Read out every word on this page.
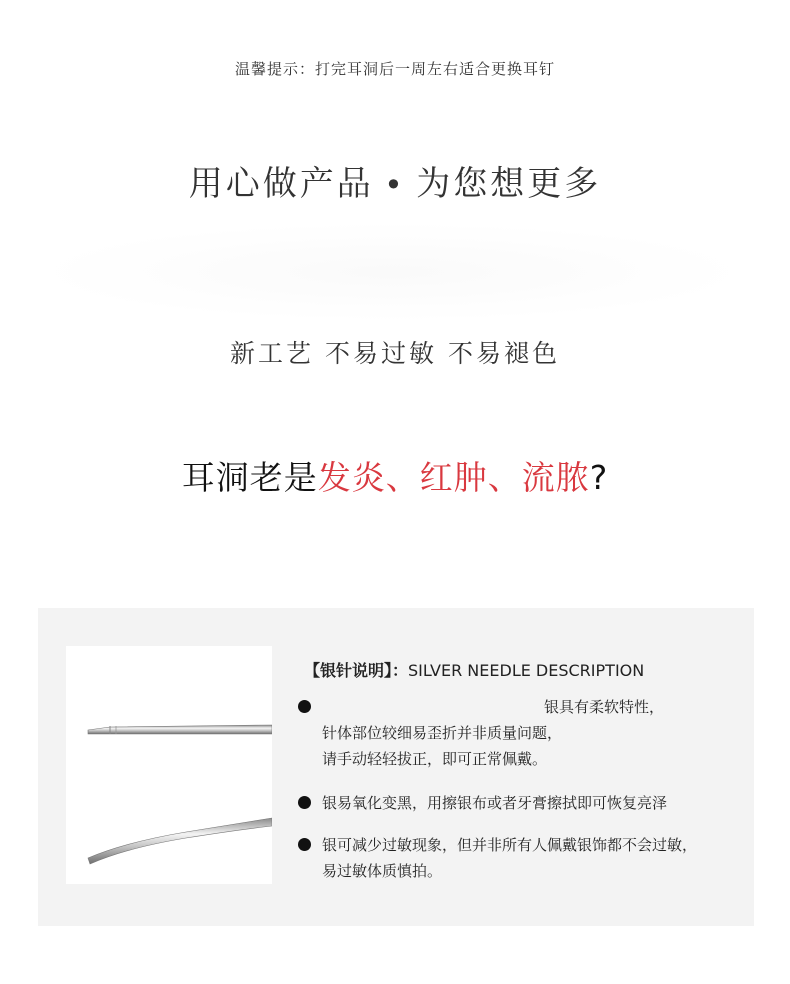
温馨提示：打完耳洞后一周左右适合更换耳钉
用心做产品 • 为您想更多
新工艺 不易过敏 不易褪色
耳洞老是发炎、红肿、流脓?
【银针说明】：SILVER NEEDLE DESCRIPTION
银具有柔软特性，
针体部位较细易歪折并非质量问题，
请手动轻轻拔正，即可正常佩戴。
银易氧化变黑，用擦银布或者牙膏擦拭即可恢复亮泽
银可减少过敏现象，但并非所有人佩戴银饰都不会过敏，
易过敏体质慎拍。
